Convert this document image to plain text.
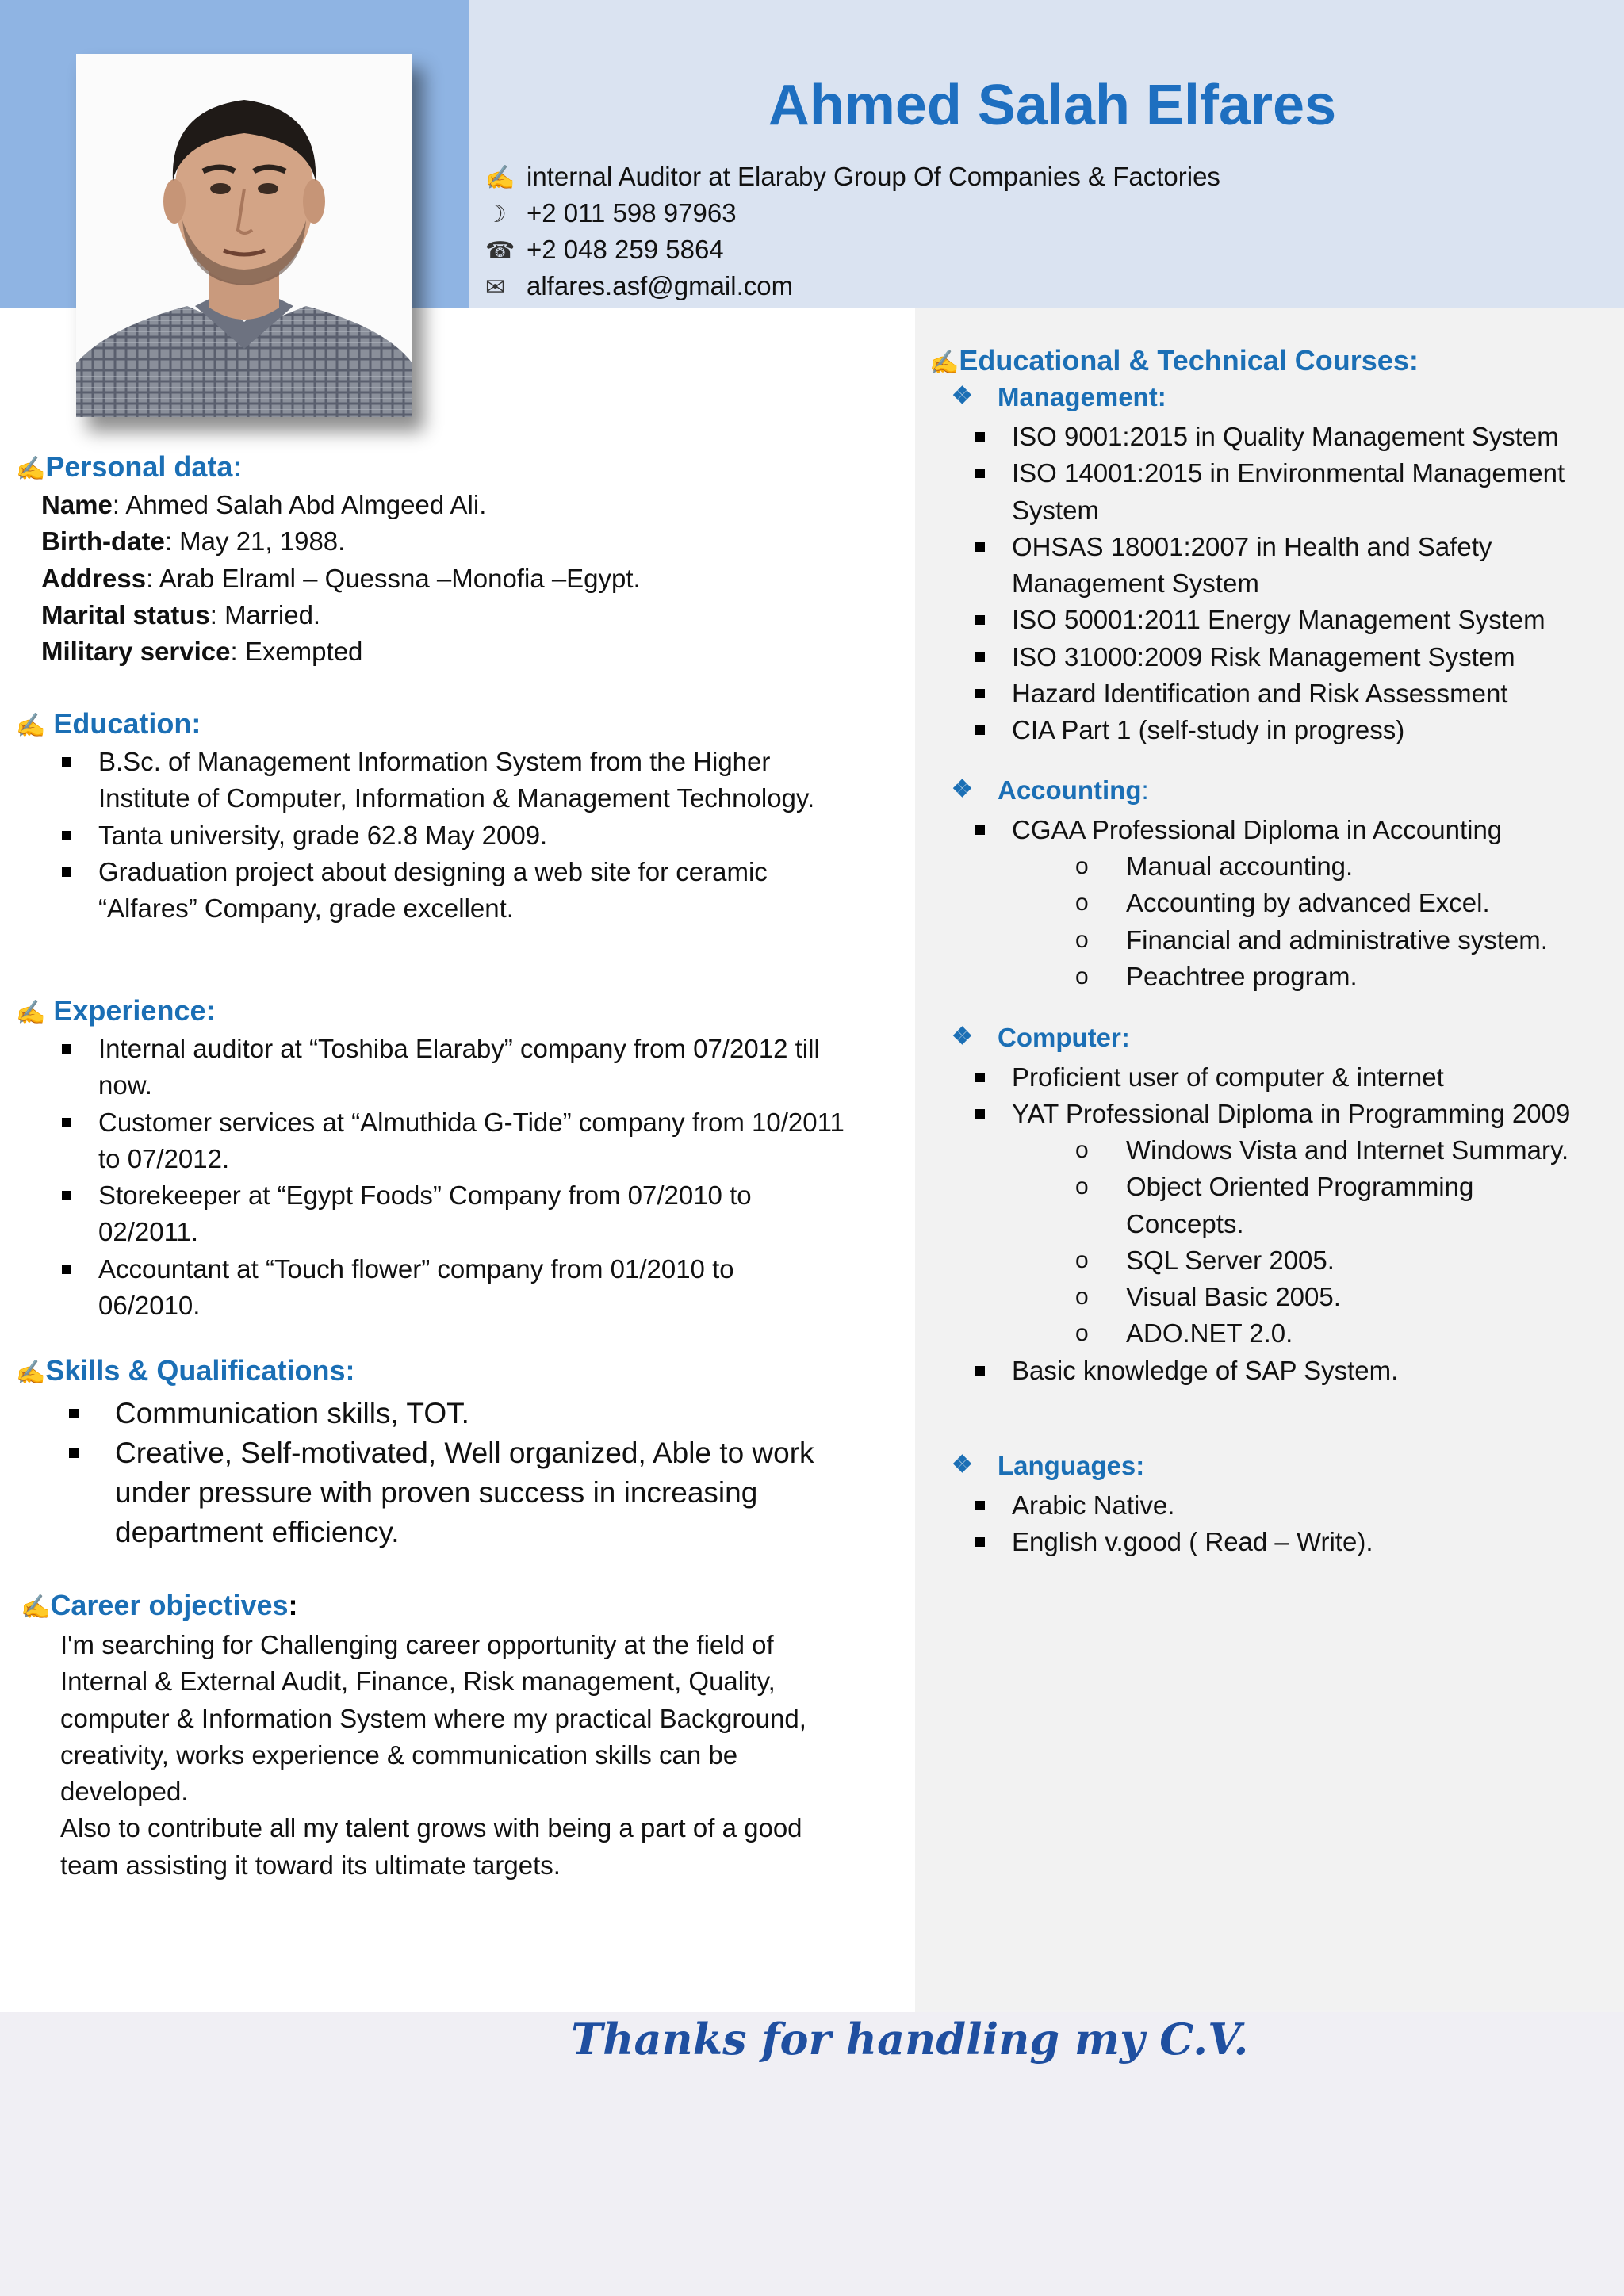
Ahmed Salah Elfares
✍ internal Auditor at Elaraby Group Of Companies & Factories
☽ +2 011 598 97963
☎ +2 048 259 5864
✉ alfares.asf@gmail.com
✍Personal data:
Name: Ahmed Salah Abd Almgeed Ali.
Birth-date: May 21, 1988.
Address: Arab Elraml – Quessna –Monofia –Egypt.
Marital status: Married.
Military service: Exempted
✍ Education:
B.Sc. of Management Information System from the Higher
Institute of Computer, Information & Management Technology.
Tanta university, grade 62.8 May 2009.
Graduation project about designing a web site for ceramic
“Alfares” Company, grade excellent.
✍ Experience:
Internal auditor at “Toshiba Elaraby” company from 07/2012 till
now.
Customer services at “Almuthida G-Tide” company from 10/2011
to 07/2012.
Storekeeper at “Egypt Foods” Company from 07/2010 to
02/2011.
Accountant at “Touch flower” company from 01/2010 to
06/2010.
✍Skills & Qualifications:
Communication skills, TOT.
Creative, Self-motivated, Well organized, Able to work
under pressure with proven success in increasing
department efficiency.
✍Career objectives:
I'm searching for Challenging career opportunity at the field of
Internal & External Audit, Finance, Risk management, Quality,
computer & Information System where my practical Background,
creativity, works experience & communication skills can be
developed.
Also to contribute all my talent grows with being a part of a good
team assisting it toward its ultimate targets.
✍Educational & Technical Courses:
❖ Management:
ISO 9001:2015 in Quality Management System
ISO 14001:2015 in Environmental Management
System
OHSAS 18001:2007 in Health and Safety
Management System
ISO 50001:2011 Energy Management System
ISO 31000:2009 Risk Management System
Hazard Identification and Risk Assessment
CIA Part 1 (self-study in progress)
❖ Accounting:
CGAA Professional Diploma in Accounting
o Manual accounting.
o Accounting by advanced Excel.
o Financial and administrative system.
o Peachtree program.
❖ Computer:
Proficient user of computer & internet
YAT Professional Diploma in Programming 2009
o Windows Vista and Internet Summary.
o Object Oriented Programming
Concepts.
o SQL Server 2005.
o Visual Basic 2005.
o ADO.NET 2.0.
Basic knowledge of SAP System.
❖ Languages:
Arabic Native.
English v.good ( Read – Write).
Thanks for handling my C.V.
